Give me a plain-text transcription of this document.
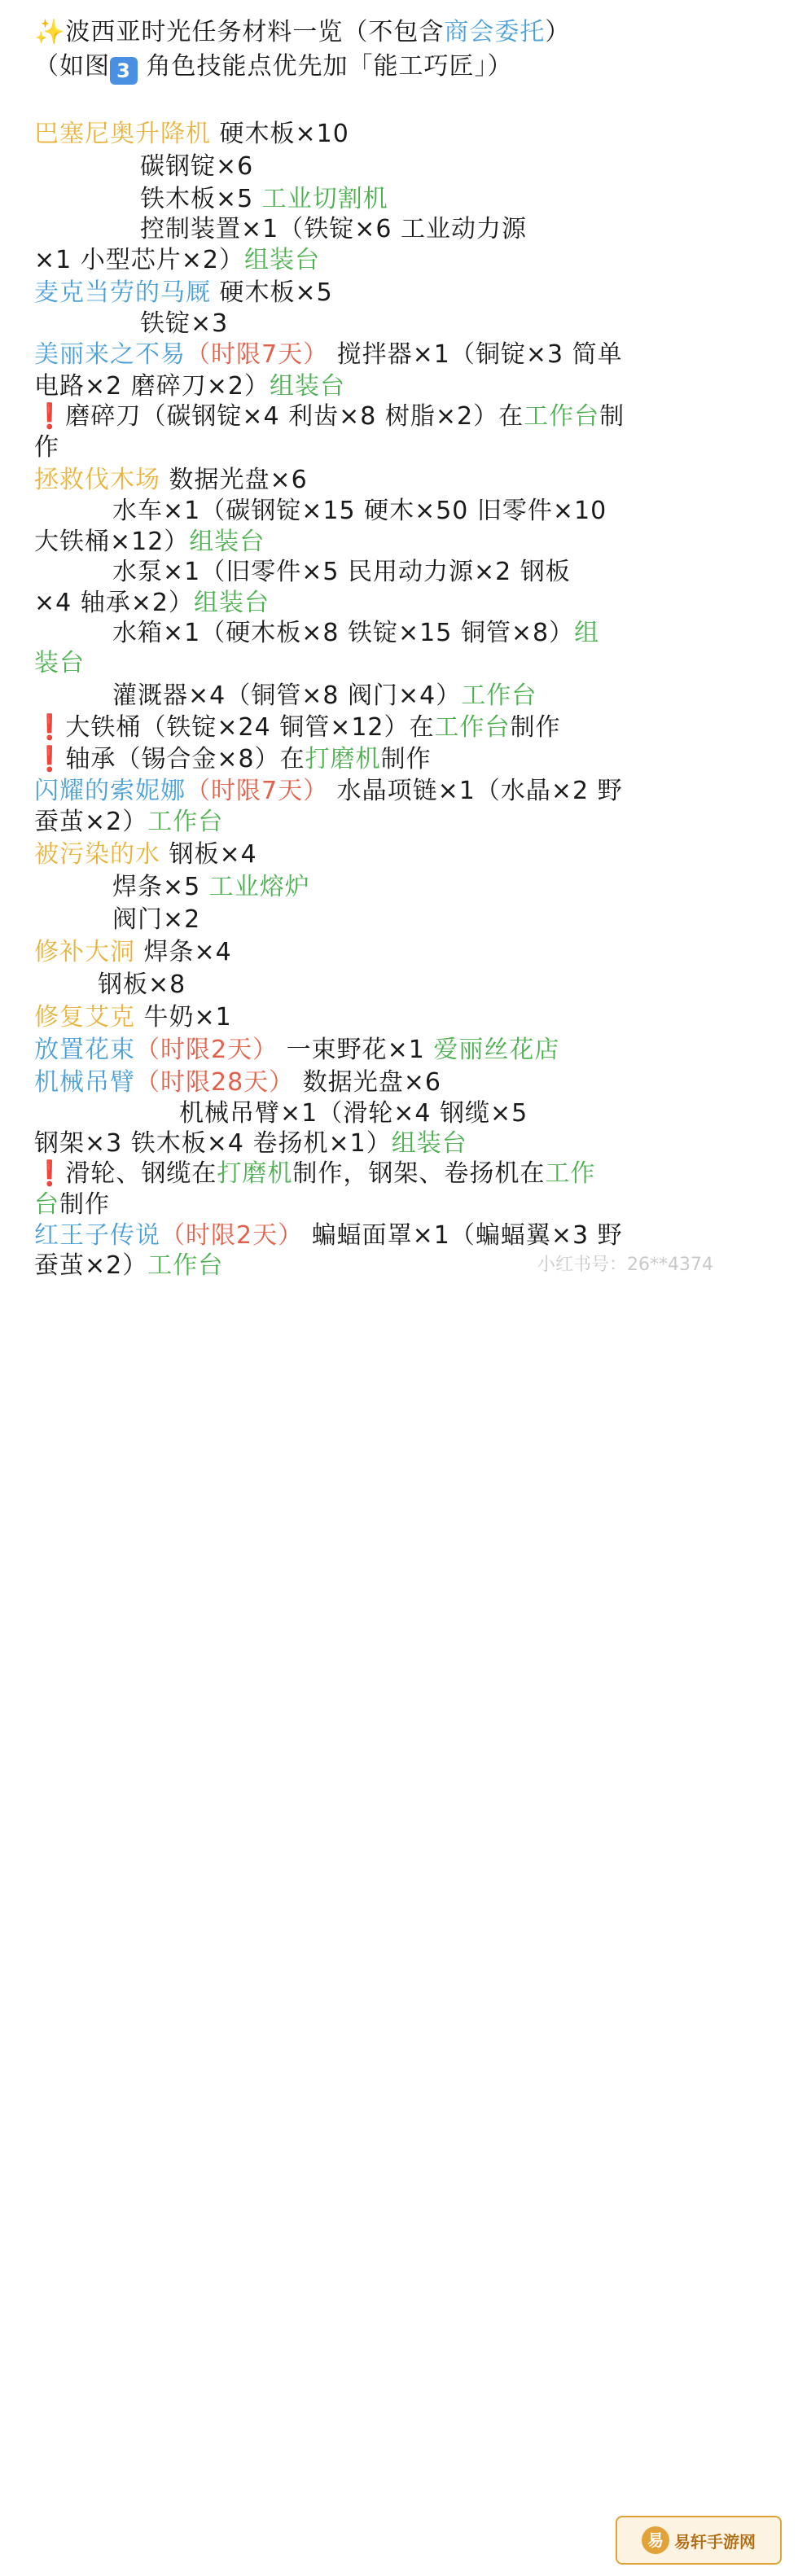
✨波西亚时光任务材料一览（不包含商会委托）
（如图 3 角色技能点优先加「能工巧匠」）
巴塞尼奥升降机 硬木板×10
碳钢锭×6
铁木板×5 工业切割机
控制装置×1（铁锭×6 工业动力源
×1 小型芯片×2）组装台
麦克当劳的马厩 硬木板×5
铁锭×3
美丽来之不易（时限7天） 搅拌器×1（铜锭×3 简单
电路×2 磨碎刀×2）组装台
❗磨碎刀（碳钢锭×4 利齿×8 树脂×2）在工作台制
作
拯救伐木场 数据光盘×6
水车×1（碳钢锭×15 硬木×50 旧零件×10
大铁桶×12）组装台
水泵×1（旧零件×5 民用动力源×2 钢板
×4 轴承×2）组装台
水箱×1（硬木板×8 铁锭×15 铜管×8）组
装台
灌溉器×4（铜管×8 阀门×4）工作台
❗大铁桶（铁锭×24 铜管×12）在工作台制作
❗轴承（锡合金×8）在打磨机制作
闪耀的索妮娜（时限7天） 水晶项链×1（水晶×2 野
蚕茧×2）工作台
被污染的水 钢板×4
焊条×5 工业熔炉
阀门×2
修补大洞 焊条×4
钢板×8
修复艾克 牛奶×1
放置花束（时限2天） 一束野花×1 爱丽丝花店
机械吊臂（时限28天） 数据光盘×6
机械吊臂×1（滑轮×4 钢缆×5
钢架×3 铁木板×4 卷扬机×1）组装台
❗滑轮、钢缆在打磨机制作，钢架、卷扬机在工作
台制作
红王子传说（时限2天） 蝙蝠面罩×1（蝙蝠翼×3 野
蚕茧×2）工作台	小红书号：26**4374
易 易轩手游网
